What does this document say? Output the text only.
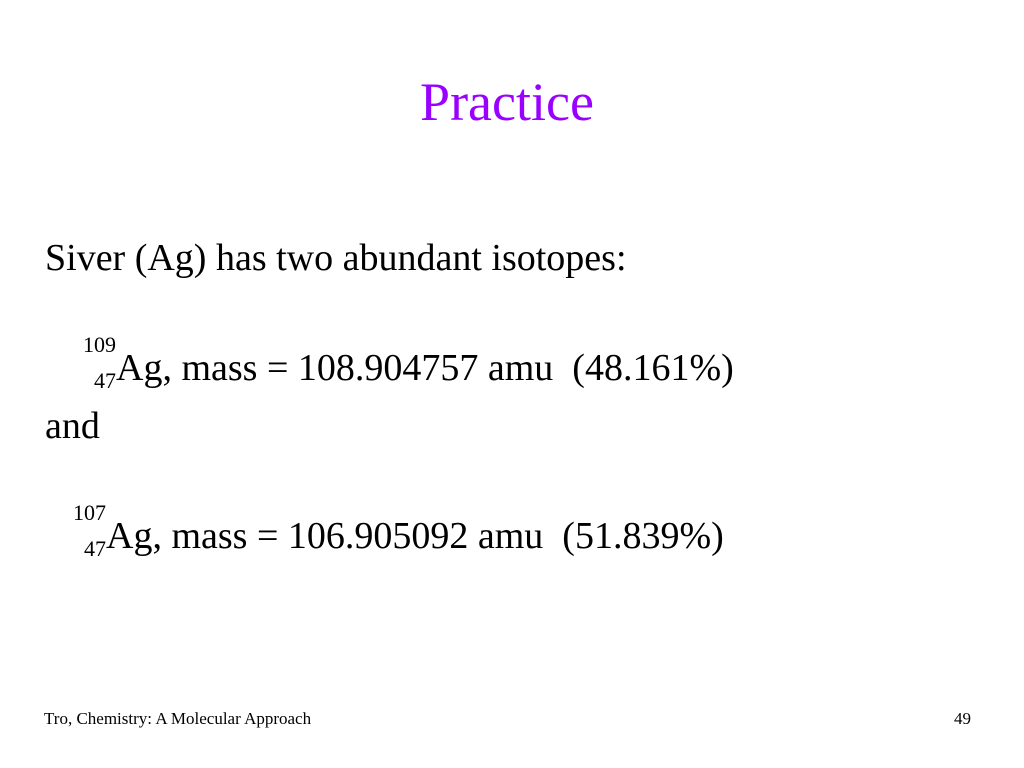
Practice
Siver (Ag) has two abundant isotopes:

109

47 Ag, mass = 108.904757 amu  (48.161%)

and

107

47 Ag, mass = 106.905092 amu  (51.839%)

Tro, Chemistry: A Molecular Approach	49
